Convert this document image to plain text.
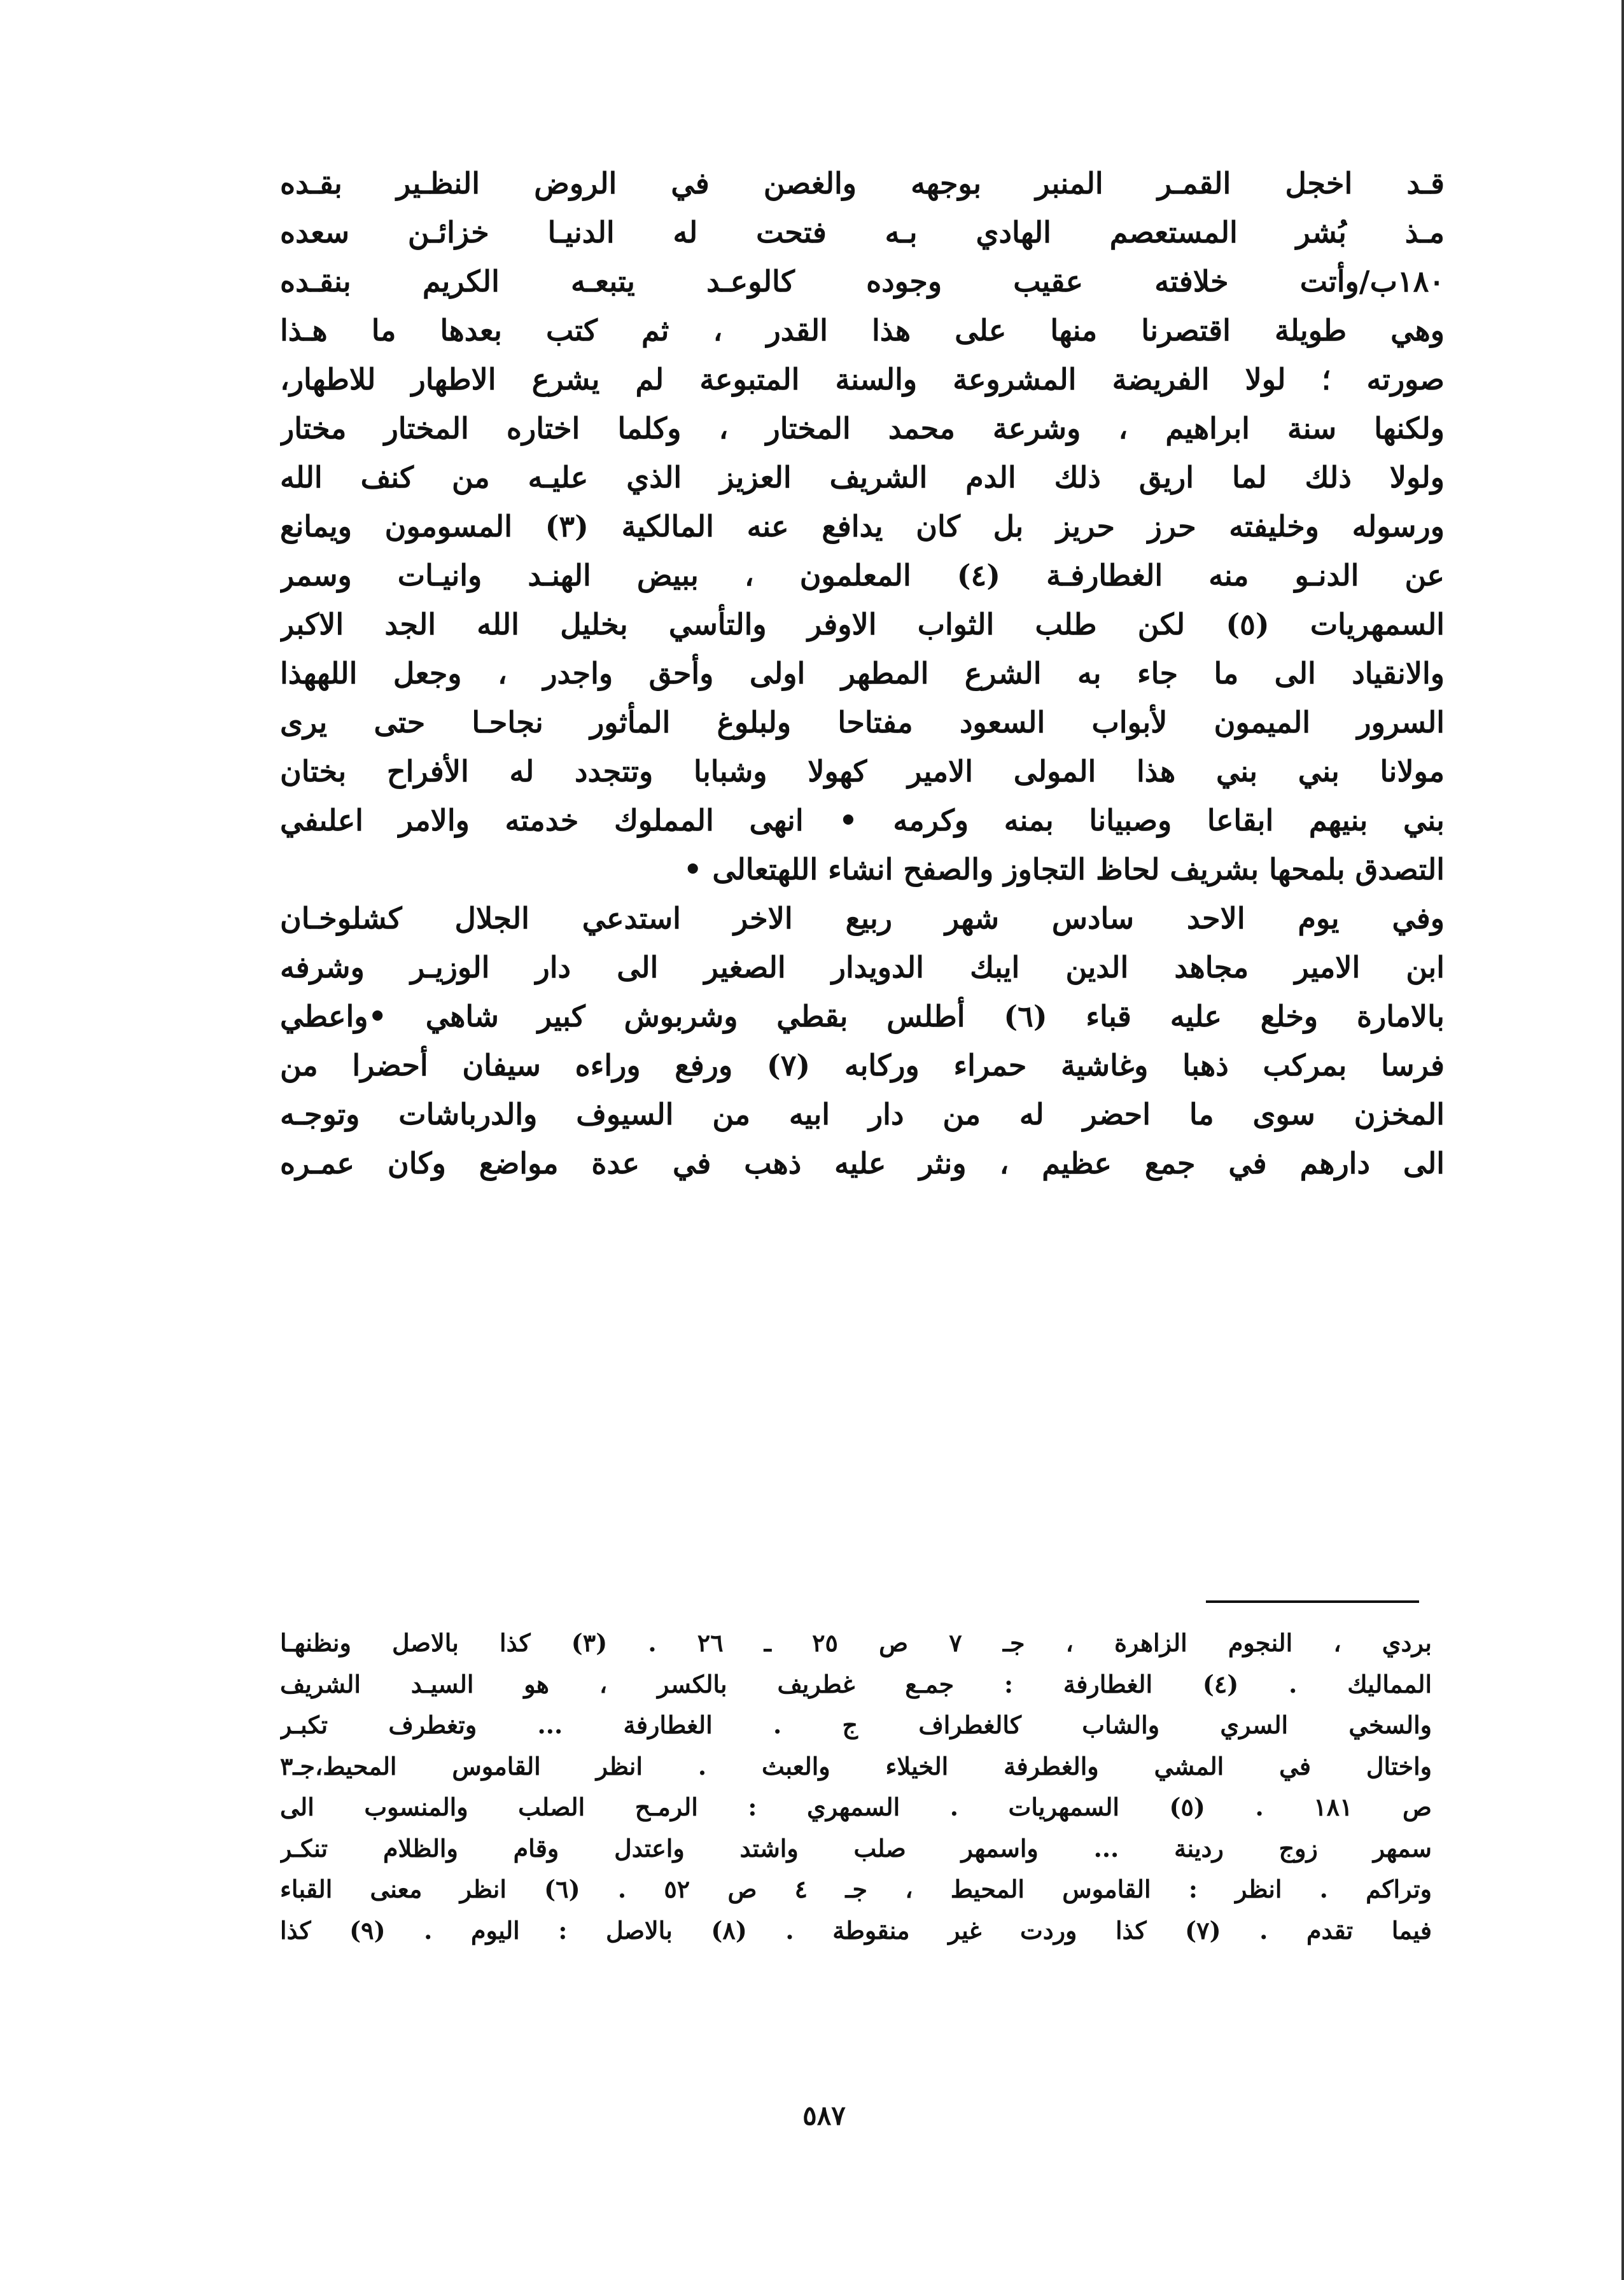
قـد اخجل القمـر المنبر بوجهه والغصن في الروض النظـير بقـده
مـذ بُشر المستعصم الهادي بـه فتحت له الدنيـا خزائـن سعده
١٨٠ب/وأتت خلافته عقيب وجوده كالوعـد يتبعـه الكريم بنقـده
وهي طويلة اقتصرنا منها على هذا القدر ، ثم كتب بعدها ما هـذا
صورته ؛ لولا الفريضة المشروعة والسنة المتبوعة لم يشرع الاطهار للاطهار،
ولكنها سنة ابراهيم ، وشرعة محمد المختار ، وكلما اختاره المختار مختار
ولولا ذلك لما اريق ذلك الدم الشريف العزيز الذي عليـه من كنف الله
ورسوله وخليفته حرز حريز بل كان يدافع عنه المالكية (٣) المسومون ويمانع
عن الدنـو منه الغطارفـة (٤) المعلمون ، ببيض الهنـد وانيـات وسمر
السمهريات (٥) لكن طلب الثواب الاوفر والتأسي بخليل الله الجد الاكبر
والانقياد الى ما جاء به الشرع المطهر اولى وأحق واجدر ، وجعل اللههذا
السرور الميمون لأبواب السعود مفتاحا ولبلوغ المأثور نجاحـا حتى يرى
مولانا بني بني هذا المولى الامير كهولا وشبابا وتتجدد له الأفراح بختان
بني بنيهم ابقاعا وصبيانا بمنه وكرمه • انهى المملوك خدمته والامر اعلىفي
التصدق بلمحها بشريف لحاظ التجاوز والصفح انشاء اللهتعالى •
وفي يوم الاحد سادس شهر ربيع الاخر استدعي الجلال كشلوخـان
ابن الامير مجاهد الدين ايبك الدويدار الصغير الى دار الوزيـر وشرفه
بالامارة وخلع عليه قباء (٦) أطلس بقطي وشربوش كبير شاهي •واعطي
فرسا بمركب ذهبا وغاشية حمراء وركابه (٧) ورفع وراءه سيفان أحضرا من
المخزن سوى ما احضر له من دار ابيه من السيوف والدرباشات وتوجـه
الى دارهم في جمع عظيم ، ونثر عليه ذهب في عدة مواضع وكان عمـره
بردي ، النجوم الزاهرة ، جـ ٧ ص ٢٥ ـ ٢٦ . (٣) كذا بالاصل ونظنهـا
المماليك . (٤) الغطارفة : جمـع غطريف بالكسر ، هو السيـد الشريف
والسخي السري والشاب كالغطراف ج . الغطارفة ... وتغطرف تكبـر
واختال في المشي والغطرفة الخيلاء والعبث . انظر القاموس المحيط،جـ٣
ص ١٨١ . (٥) السمهريات . السمهري : الرمـح الصلب والمنسوب الى
سمهر زوج ردينة ... واسمهر صلب واشتد واعتدل وقام والظلام تنكـر
وتراكم . انظر : القاموس المحيط ، جـ ٤ ص ٥٢ . (٦) انظر معنى القباء
فيما تقدم . (٧) كذا وردت غير منقوطة . (٨) بالاصل : اليوم . (٩) كذا
٥٨٧
